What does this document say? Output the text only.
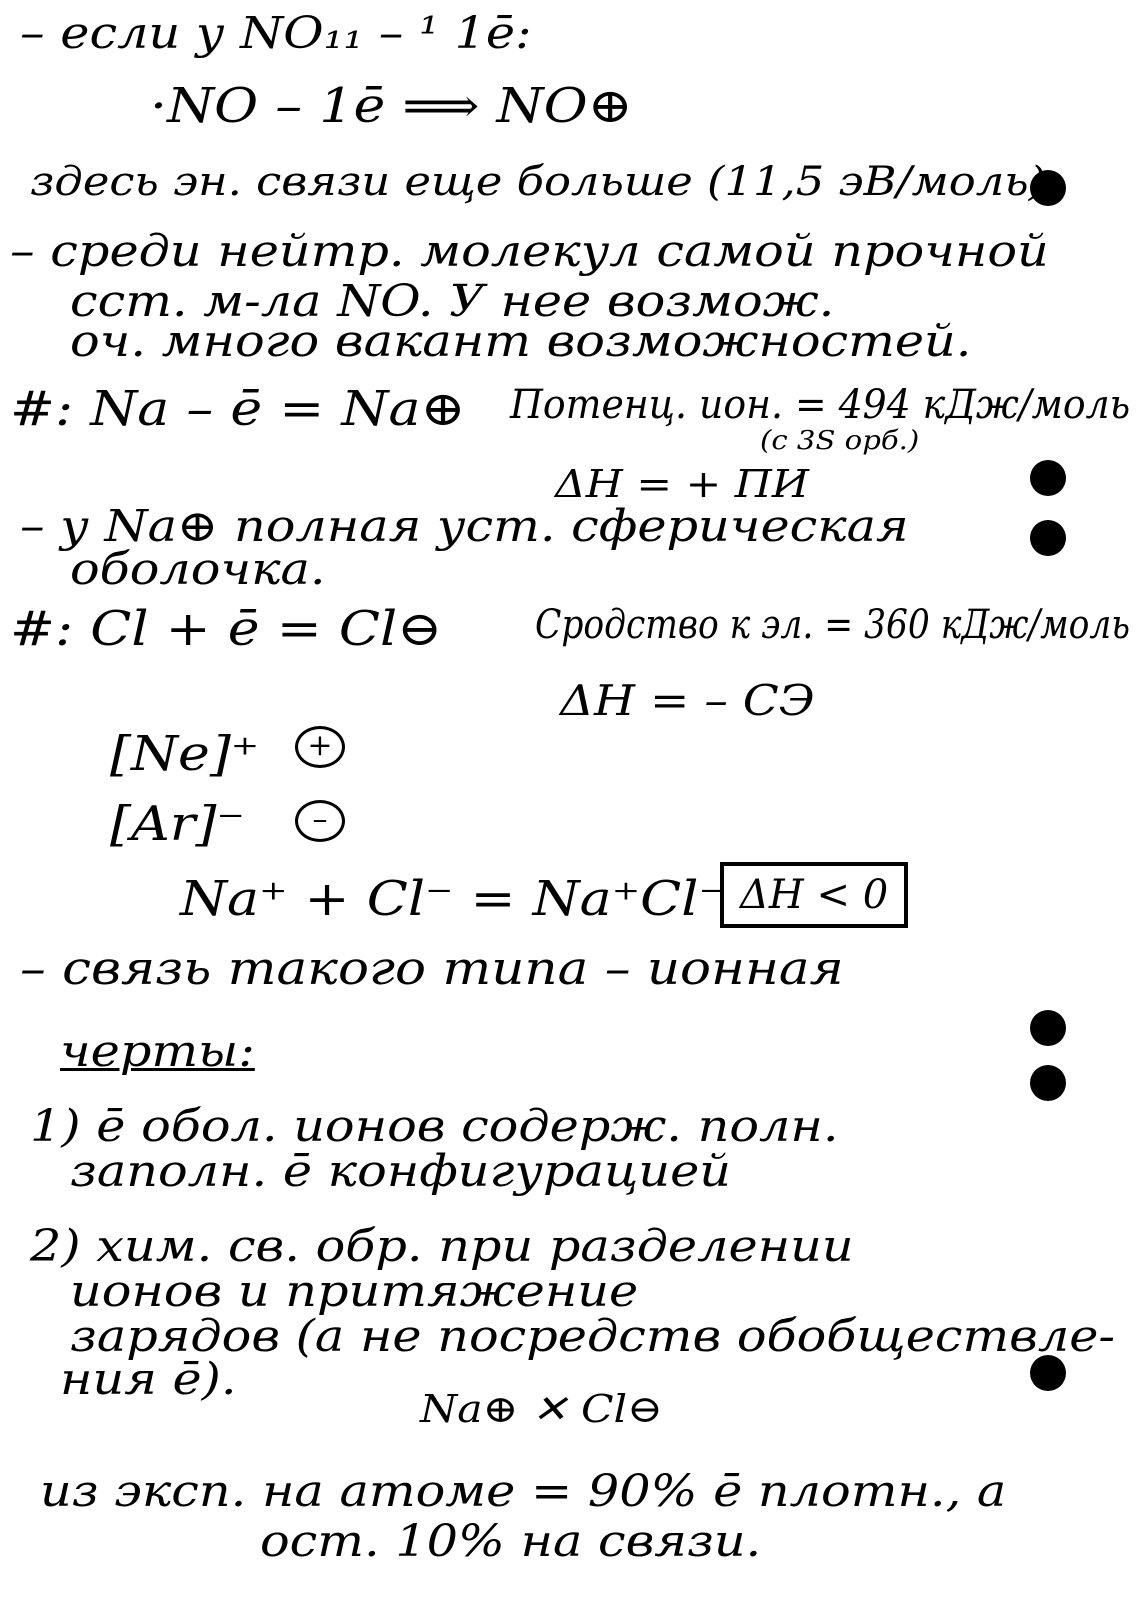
– если у NO₁₁ – ¹ 1ē:
·NO – 1ē ⟹ NO⊕
здесь эн. связи еще больше (11,5 эВ/моль)
– среди нейтр. молекул самой прочной
сст. м-ла NO. У нее возмож.
оч. много вакант возможностей.
#: Na – ē = Na⊕ Потенц. ион. = 494 кДж/моль
(с 3S орб.)
ΔH = + ПИ
– у Na⊕ полная уст. сферическая
оболочка.
#: Cl + ē = Cl⊖ Сродство к эл. = 360 кДж/моль
ΔH = – СЭ
[Ne]⁺	+
[Ar]⁻	–
Na⁺ + Cl⁻ = Na⁺Cl⁻ ΔH < 0
– связь такого типа – ионная
черты:
1) ē обол. ионов содерж. полн.
заполн. ē конфигурацией
2) хим. св. обр. при разделении
ионов и притяжение
зарядов (а не посредств обобществле-
ния ē).
Na⊕ ✕ Cl⊖
из эксп. на атоме = 90% ē плотн., а
ост. 10% на связи.
